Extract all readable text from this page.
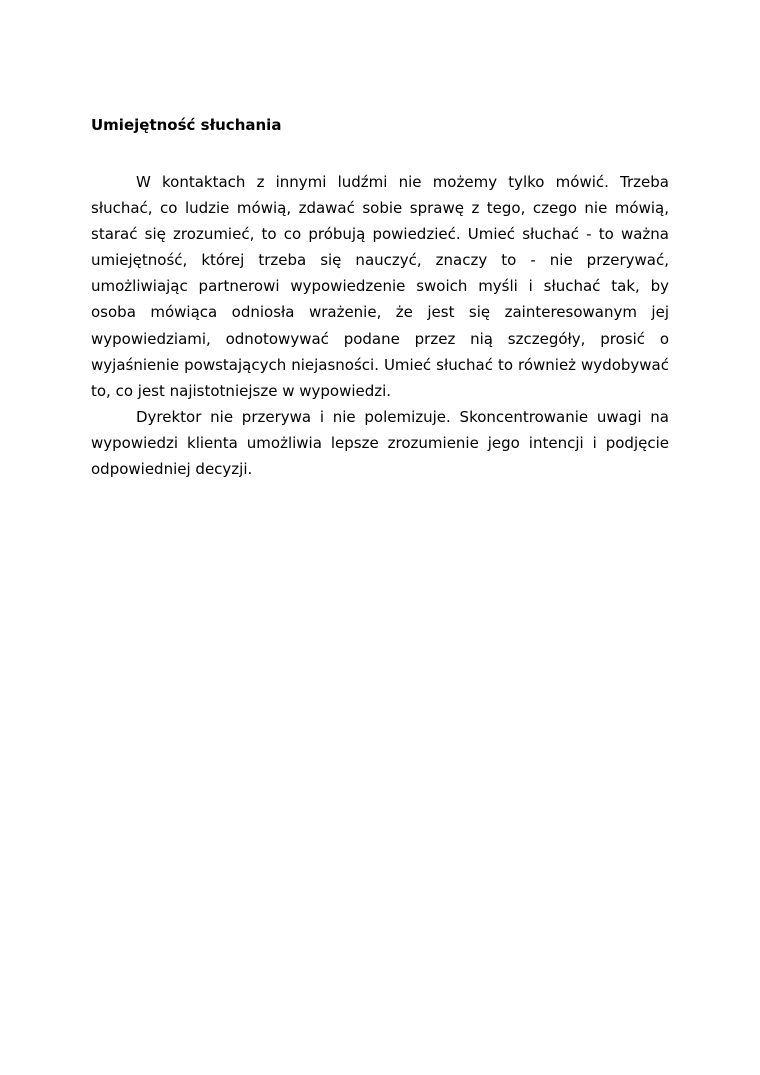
Umiejętność słuchania

W kontaktach z innymi ludźmi nie możemy tylko mówić. Trzeba słuchać, co ludzie mówią, zdawać sobie sprawę z tego, czego nie mówią, starać się zrozumieć, to co próbują powiedzieć. Umieć słuchać - to ważna umiejętność, której trzeba się nauczyć, znaczy to - nie przerywać, umożliwiając partnerowi wypowiedzenie swoich myśli i słuchać tak, by osoba mówiąca odniosła wrażenie, że jest się zainteresowanym jej wypowiedziami, odnotowywać podane przez nią szczegóły, prosić o wyjaśnienie powstających niejasności. Umieć słuchać to również wydobywać to, co jest najistotniejsze w wypowiedzi.

Dyrektor nie przerywa i nie polemizuje. Skoncentrowanie uwagi na wypowiedzi klienta umożliwia lepsze zrozumienie jego intencji i podjęcie odpowiedniej decyzji.
